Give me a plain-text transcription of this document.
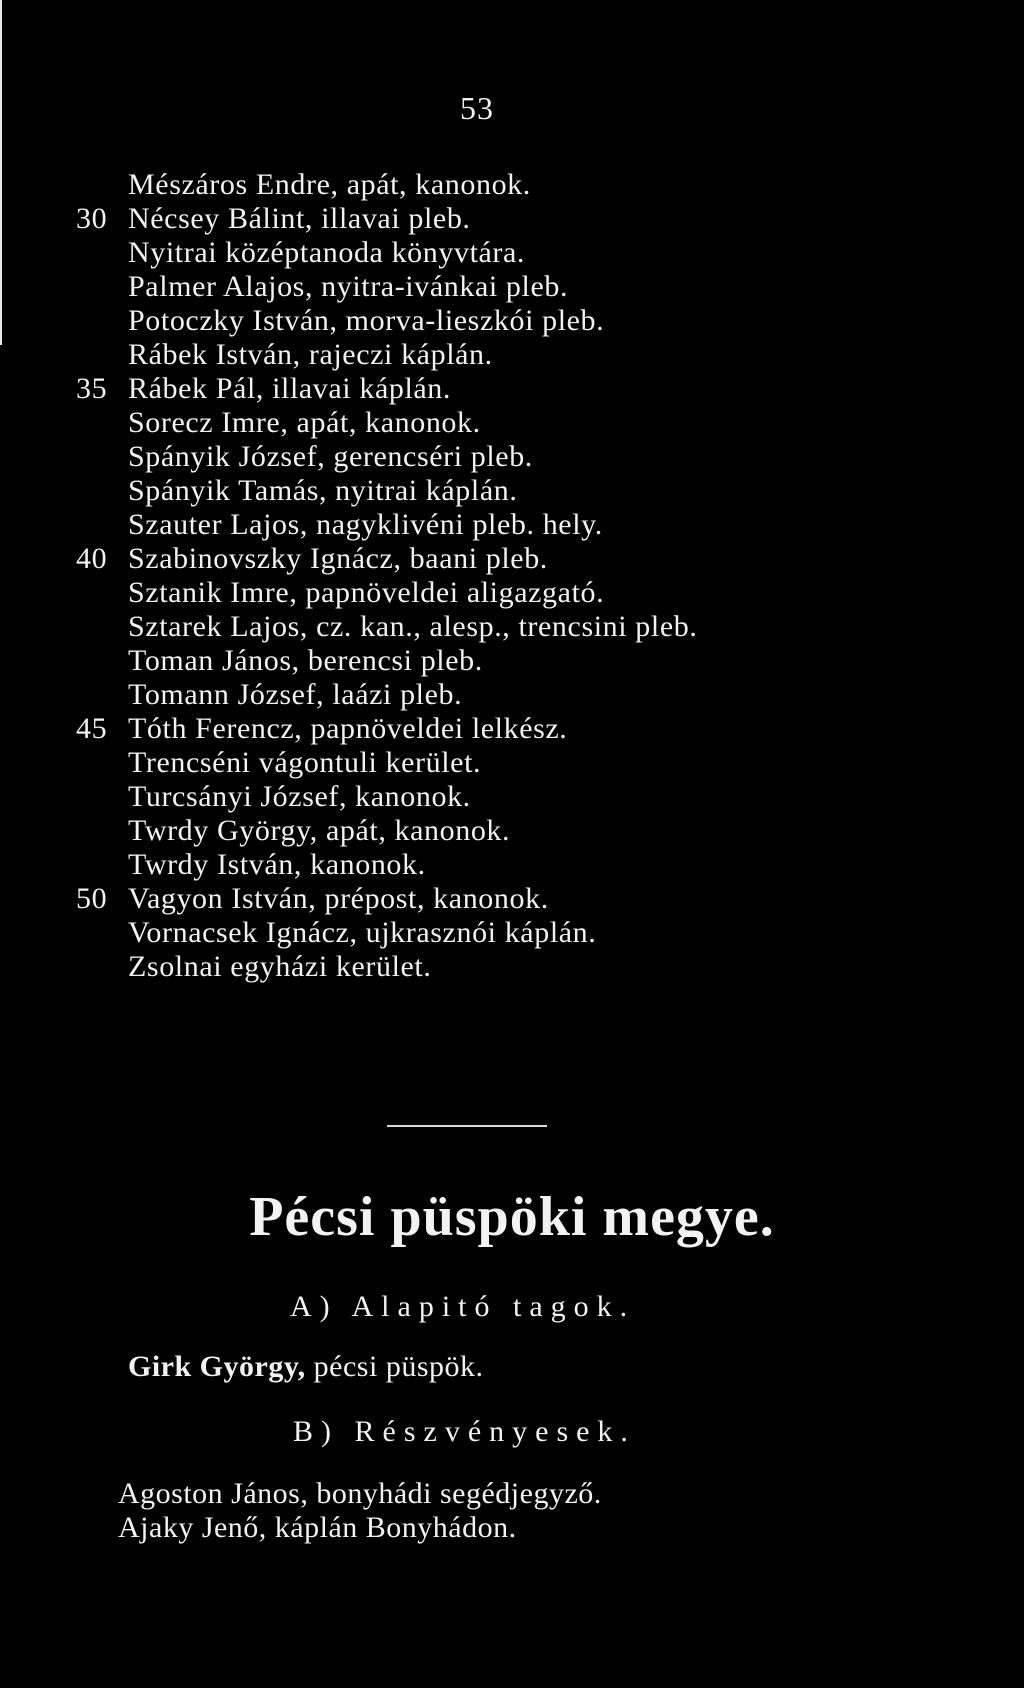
53
Mészáros Endre, apát, kanonok.
30 Nécsey Bálint, illavai pleb.
Nyitrai középtanoda könyvtára.
Palmer Alajos, nyitra-ivánkai pleb.
Potoczky István, morva-lieszkói pleb.
Rábek István, rajeczi káplán.
35 Rábek Pál, illavai káplán.
Sorecz Imre, apát, kanonok.
Spányik József, gerencséri pleb.
Spányik Tamás, nyitrai káplán.
Szauter Lajos, nagyklivéni pleb. hely.
40 Szabinovszky Ignácz, baani pleb.
Sztanik Imre, papnöveldei aligazgató.
Sztarek Lajos, cz. kan., alesp., trencsini pleb.
Toman János, berencsi pleb.
Tomann József, laázi pleb.
45 Tóth Ferencz, papnöveldei lelkész.
Trencséni vágontuli kerület.
Turcsányi József, kanonok.
Twrdy György, apát, kanonok.
Twrdy István, kanonok.
50 Vagyon István, prépost, kanonok.
Vornacsek Ignácz, ujkrasznói káplán.
Zsolnai egyházi kerület.
Pécsi püspöki megye.
A) Alapitó tagok.
Girk György, pécsi püspök.
B) Részvényesek.
Agoston János, bonyhádi segédjegyző.
Ajaky Jenő, káplán Bonyhádon.
